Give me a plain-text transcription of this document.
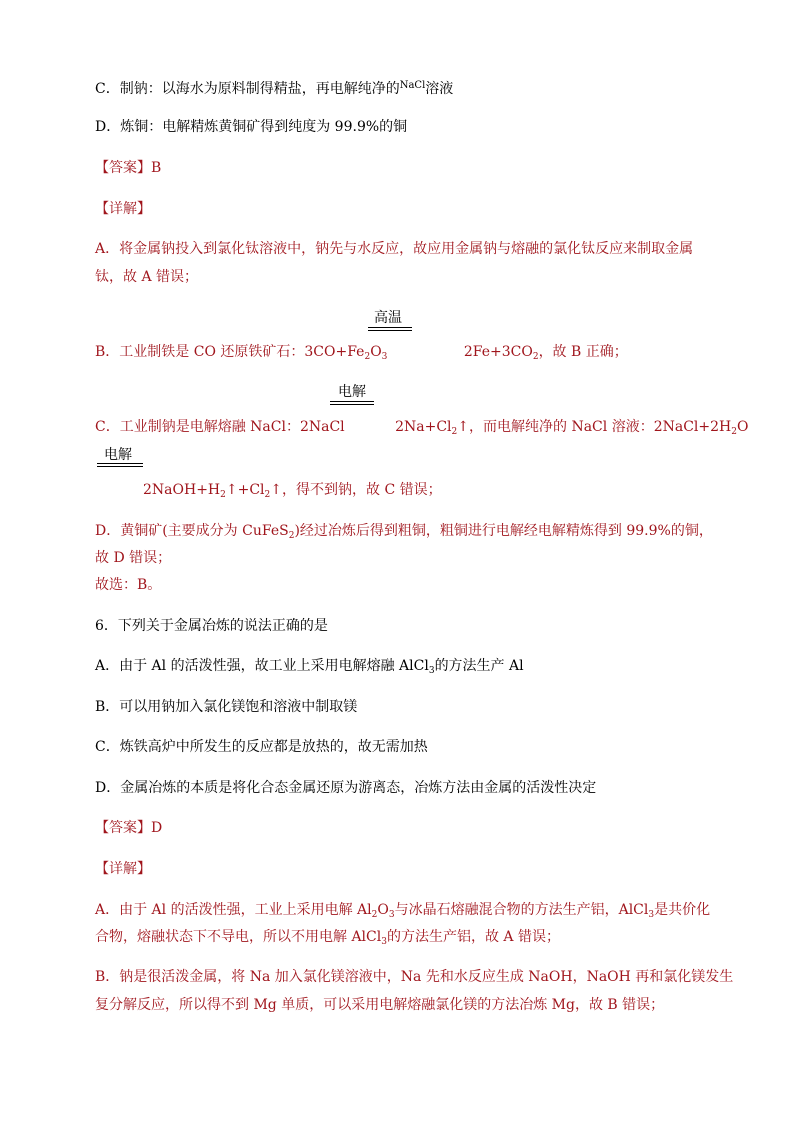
C．制钠：以海水为原料制得精盐，再电解纯净的$^{NaCl}$溶液
D．炼铜：电解精炼黄铜矿得到纯度为 99.9%的铜
【答案】B
【详解】
A．将金属钠投入到氯化钛溶液中，钠先与水反应，故应用金属钠与熔融的氯化钛反应来制取金属
钛，故 A 错误；
高温
B．工业制铁是 CO 还原铁矿石：$3CO+Fe_2O_3$	$2Fe+3CO_2$，故 B 正确；
电解
C．工业制钠是电解熔融 NaCl：2NaCl	$2Na+Cl_2↑$，而电解纯净的 NaCl 溶液：$2NaCl+2H_2O$
电解
$2NaOH+H_2↑+Cl_2↑$，得不到钠，故 C 错误；
D．黄铜矿(主要成分为 CuFeS$_2$)经过冶炼后得到粗铜，粗铜进行电解经电解精炼得到 99.9%的铜，
故 D 错误；
故选：B。
6．下列关于金属冶炼的说法正确的是
A．由于 Al 的活泼性强，故工业上采用电解熔融 AlCl$_3$的方法生产 Al
B．可以用钠加入氯化镁饱和溶液中制取镁
C．炼铁高炉中所发生的反应都是放热的，故无需加热
D．金属冶炼的本质是将化合态金属还原为游离态，冶炼方法由金属的活泼性决定
【答案】D
【详解】
A．由于 Al 的活泼性强，工业上采用电解 $Al_2O_3$与冰晶石熔融混合物的方法生产铝，AlCl$_3$是共价化
合物，熔融状态下不导电，所以不用电解 AlCl$_3$的方法生产铝，故 A 错误；
B．钠是很活泼金属，将 Na 加入氯化镁溶液中，Na 先和水反应生成 NaOH，NaOH 再和氯化镁发生
复分解反应，所以得不到 Mg 单质，可以采用电解熔融氯化镁的方法冶炼 Mg，故 B 错误；
